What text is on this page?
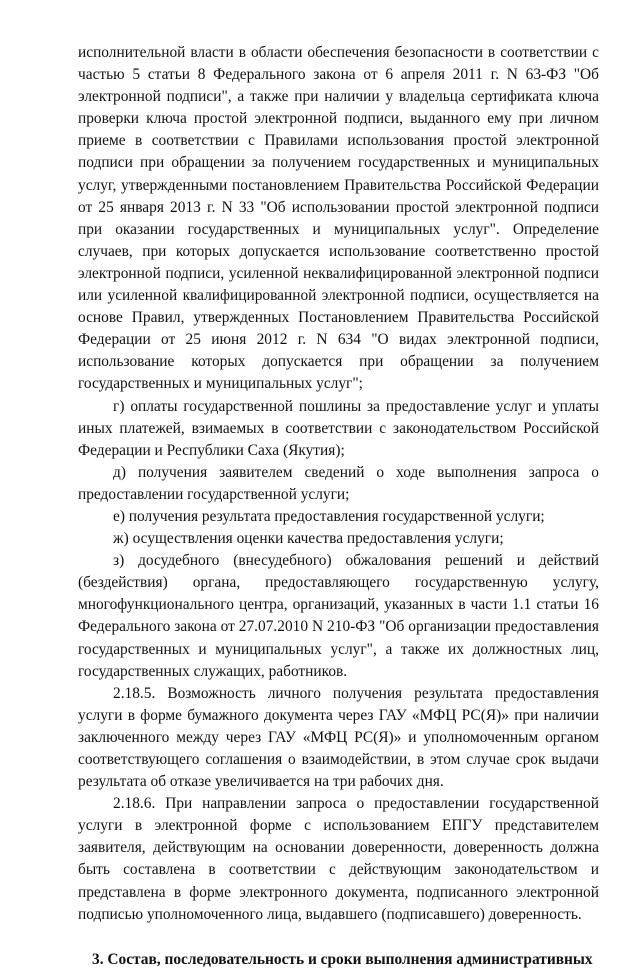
исполнительной власти в области обеспечения безопасности в соответствии с частью 5 статьи 8 Федерального закона от 6 апреля 2011 г. N 63-ФЗ "Об электронной подписи", а также при наличии у владельца сертификата ключа проверки ключа простой электронной подписи, выданного ему при личном приеме в соответствии с Правилами использования простой электронной подписи при обращении за получением государственных и муниципальных услуг, утвержденными постановлением Правительства Российской Федерации от 25 января 2013 г. N 33 "Об использовании простой электронной подписи при оказании государственных и муниципальных услуг". Определение случаев, при которых допускается использование соответственно простой электронной подписи, усиленной неквалифицированной электронной подписи или усиленной квалифицированной электронной подписи, осуществляется на основе Правил, утвержденных Постановлением Правительства Российской Федерации от 25 июня 2012 г. N 634 "О видах электронной подписи, использование которых допускается при обращении за получением государственных и муниципальных услуг";

г) оплаты государственной пошлины за предоставление услуг и уплаты иных платежей, взимаемых в соответствии с законодательством Российской Федерации и Республики Саха (Якутия);

д) получения заявителем сведений о ходе выполнения запроса о предоставлении государственной услуги;

е) получения результата предоставления государственной услуги;

ж) осуществления оценки качества предоставления услуги;

з) досудебного (внесудебного) обжалования решений и действий (бездействия) органа, предоставляющего государственную услугу, многофункционального центра, организаций, указанных в части 1.1 статьи 16 Федерального закона от 27.07.2010 N 210-ФЗ "Об организации предоставления государственных и муниципальных услуг", а также их должностных лиц, государственных служащих, работников.

2.18.5. Возможность личного получения результата предоставления услуги в форме бумажного документа через ГАУ «МФЦ РС(Я)» при наличии заключенного между через ГАУ «МФЦ РС(Я)» и уполномоченным органом соответствующего соглашения о взаимодействии, в этом случае срок выдачи результата об отказе увеличивается на три рабочих дня.

2.18.6. При направлении запроса о предоставлении государственной услуги в электронной форме с использованием ЕПГУ представителем заявителя, действующим на основании доверенности, доверенность должна быть составлена в соответствии с действующим законодательством и представлена в форме электронного документа, подписанного электронной подписью уполномоченного лица, выдавшего (подписавшего) доверенность.

3. Состав, последовательность и сроки выполнения административных
